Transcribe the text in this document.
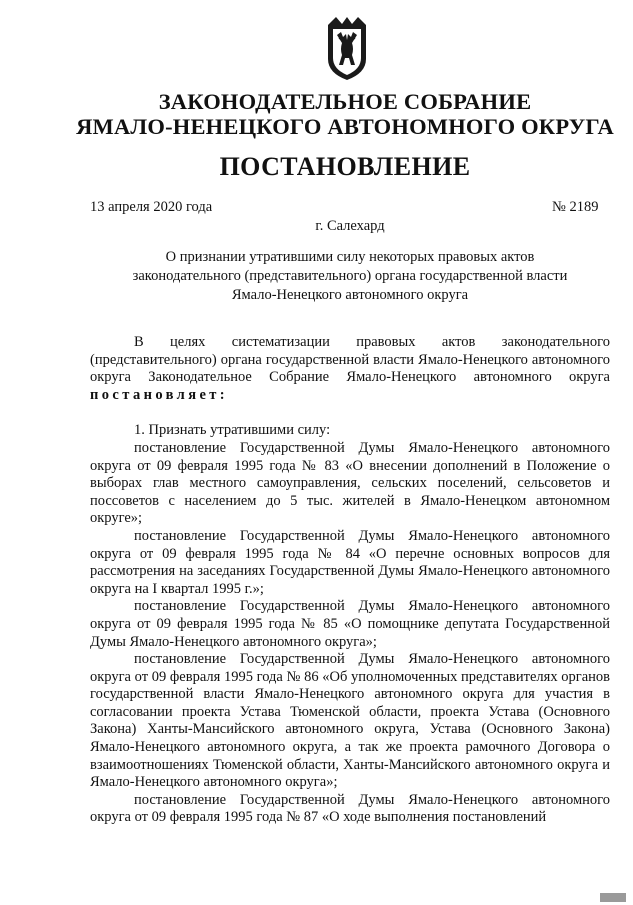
ЗАКОНОДАТЕЛЬНОЕ СОБРАНИЕ
ЯМАЛО-НЕНЕЦКОГО АВТОНОМНОГО ОКРУГА
ПОСТАНОВЛЕНИЕ
13 апреля 2020 года	№ 2189
г. Салехард
О признании утратившими силу некоторых правовых актов
законодательного (представительного) органа государственной власти
Ямало-Ненецкого автономного округа

В целях систематизации правовых актов законодательного (представительного) органа государственной власти Ямало-Ненецкого автономного округа Законодательное Собрание Ямало-Ненецкого автономного округа постановляет:

1. Признать утратившими силу:

постановление Государственной Думы Ямало-Ненецкого автономного округа от 09 февраля 1995 года № 83 «О внесении дополнений в Положение о выборах глав местного самоуправления, сельских поселений, сельсоветов и поссоветов с населением до 5 тыс. жителей в Ямало-Ненецком автономном округе»;

постановление Государственной Думы Ямало-Ненецкого автономного округа от 09 февраля 1995 года № 84 «О перечне основных вопросов для рассмотрения на заседаниях Государственной Думы Ямало-Ненецкого автономного округа на I квартал 1995 г.»;

постановление Государственной Думы Ямало-Ненецкого автономного округа от 09 февраля 1995 года № 85 «О помощнике депутата Государственной Думы Ямало-Ненецкого автономного округа»;

постановление Государственной Думы Ямало-Ненецкого автономного округа от 09 февраля 1995 года № 86 «Об уполномоченных представителях органов государственной власти Ямало-Ненецкого автономного округа для участия в согласовании проекта Устава Тюменской области, проекта Устава (Основного Закона) Ханты-Мансийского автономного округа, Устава (Основного Закона) Ямало-Ненецкого автономного округа, а так же проекта рамочного Договора о взаимоотношениях Тюменской области, Ханты-Мансийского автономного округа и Ямало-Ненецкого автономного округа»;

постановление Государственной Думы Ямало-Ненецкого автономного округа от 09 февраля 1995 года № 87 «О ходе выполнения постановлений
